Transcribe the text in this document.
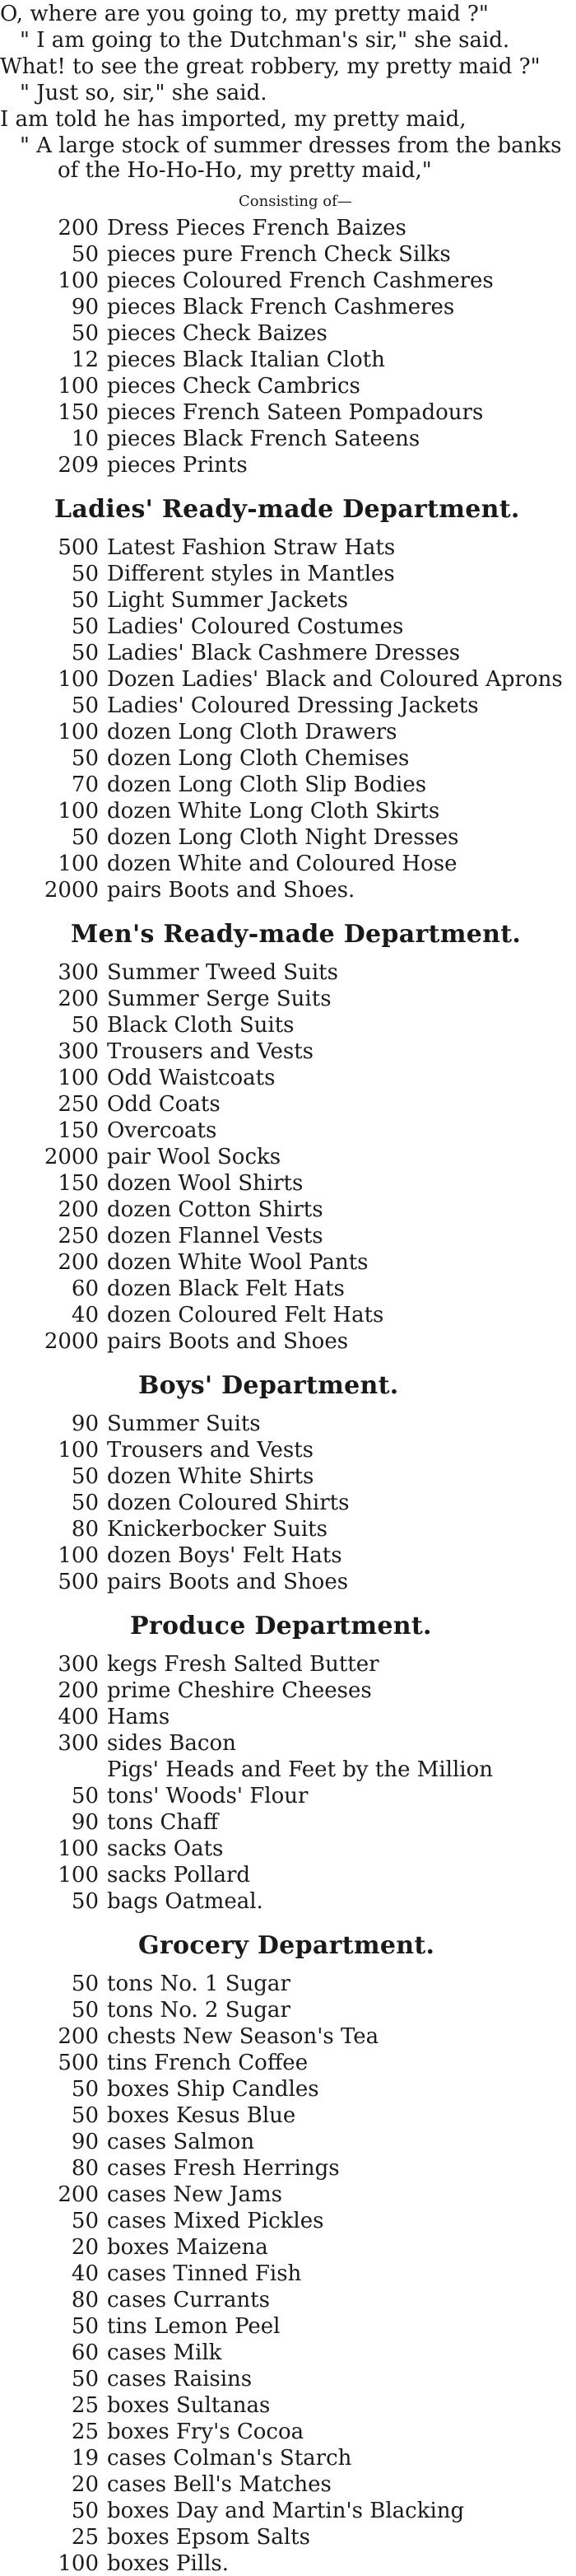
O, where are you going to, my pretty maid ?"
" I am going to the Dutchman's sir," she said.
What! to see the great robbery, my pretty maid ?"
" Just so, sir," she said.
I am told he has imported, my pretty maid,
" A large stock of summer dresses from the banks
of the Ho-Ho-Ho, my pretty maid,"
Consisting of—
200 Dress Pieces French Baizes
50 pieces pure French Check Silks
100 pieces Coloured French Cashmeres
90 pieces Black French Cashmeres
50 pieces Check Baizes
12 pieces Black Italian Cloth
100 pieces Check Cambrics
150 pieces French Sateen Pompadours
10 pieces Black French Sateens
209 pieces Prints
Ladies' Ready-made Department.
500 Latest Fashion Straw Hats
50 Different styles in Mantles
50 Light Summer Jackets
50 Ladies' Coloured Costumes
50 Ladies' Black Cashmere Dresses
100 Dozen Ladies' Black and Coloured Aprons
50 Ladies' Coloured Dressing Jackets
100 dozen Long Cloth Drawers
50 dozen Long Cloth Chemises
70 dozen Long Cloth Slip Bodies
100 dozen White Long Cloth Skirts
50 dozen Long Cloth Night Dresses
100 dozen White and Coloured Hose
2000 pairs Boots and Shoes.
Men's Ready-made Department.
300 Summer Tweed Suits
200 Summer Serge Suits
50 Black Cloth Suits
300 Trousers and Vests
100 Odd Waistcoats
250 Odd Coats
150 Overcoats
2000 pair Wool Socks
150 dozen Wool Shirts
200 dozen Cotton Shirts
250 dozen Flannel Vests
200 dozen White Wool Pants
60 dozen Black Felt Hats
40 dozen Coloured Felt Hats
2000 pairs Boots and Shoes
Boys' Department.
90 Summer Suits
100 Trousers and Vests
50 dozen White Shirts
50 dozen Coloured Shirts
80 Knickerbocker Suits
100 dozen Boys' Felt Hats
500 pairs Boots and Shoes
Produce Department.
300 kegs Fresh Salted Butter
200 prime Cheshire Cheeses
400 Hams
300 sides Bacon
Pigs' Heads and Feet by the Million
50 tons' Woods' Flour
90 tons Chaff
100 sacks Oats
100 sacks Pollard
50 bags Oatmeal.
Grocery Department.
50 tons No. 1 Sugar
50 tons No. 2 Sugar
200 chests New Season's Tea
500 tins French Coffee
50 boxes Ship Candles
50 boxes Kesus Blue
90 cases Salmon
80 cases Fresh Herrings
200 cases New Jams
50 cases Mixed Pickles
20 boxes Maizena
40 cases Tinned Fish
80 cases Currants
50 tins Lemon Peel
60 cases Milk
50 cases Raisins
25 boxes Sultanas
25 boxes Fry's Cocoa
19 cases Colman's Starch
20 cases Bell's Matches
50 boxes Day and Martin's Blacking
25 boxes Epsom Salts
100 boxes Pills.
